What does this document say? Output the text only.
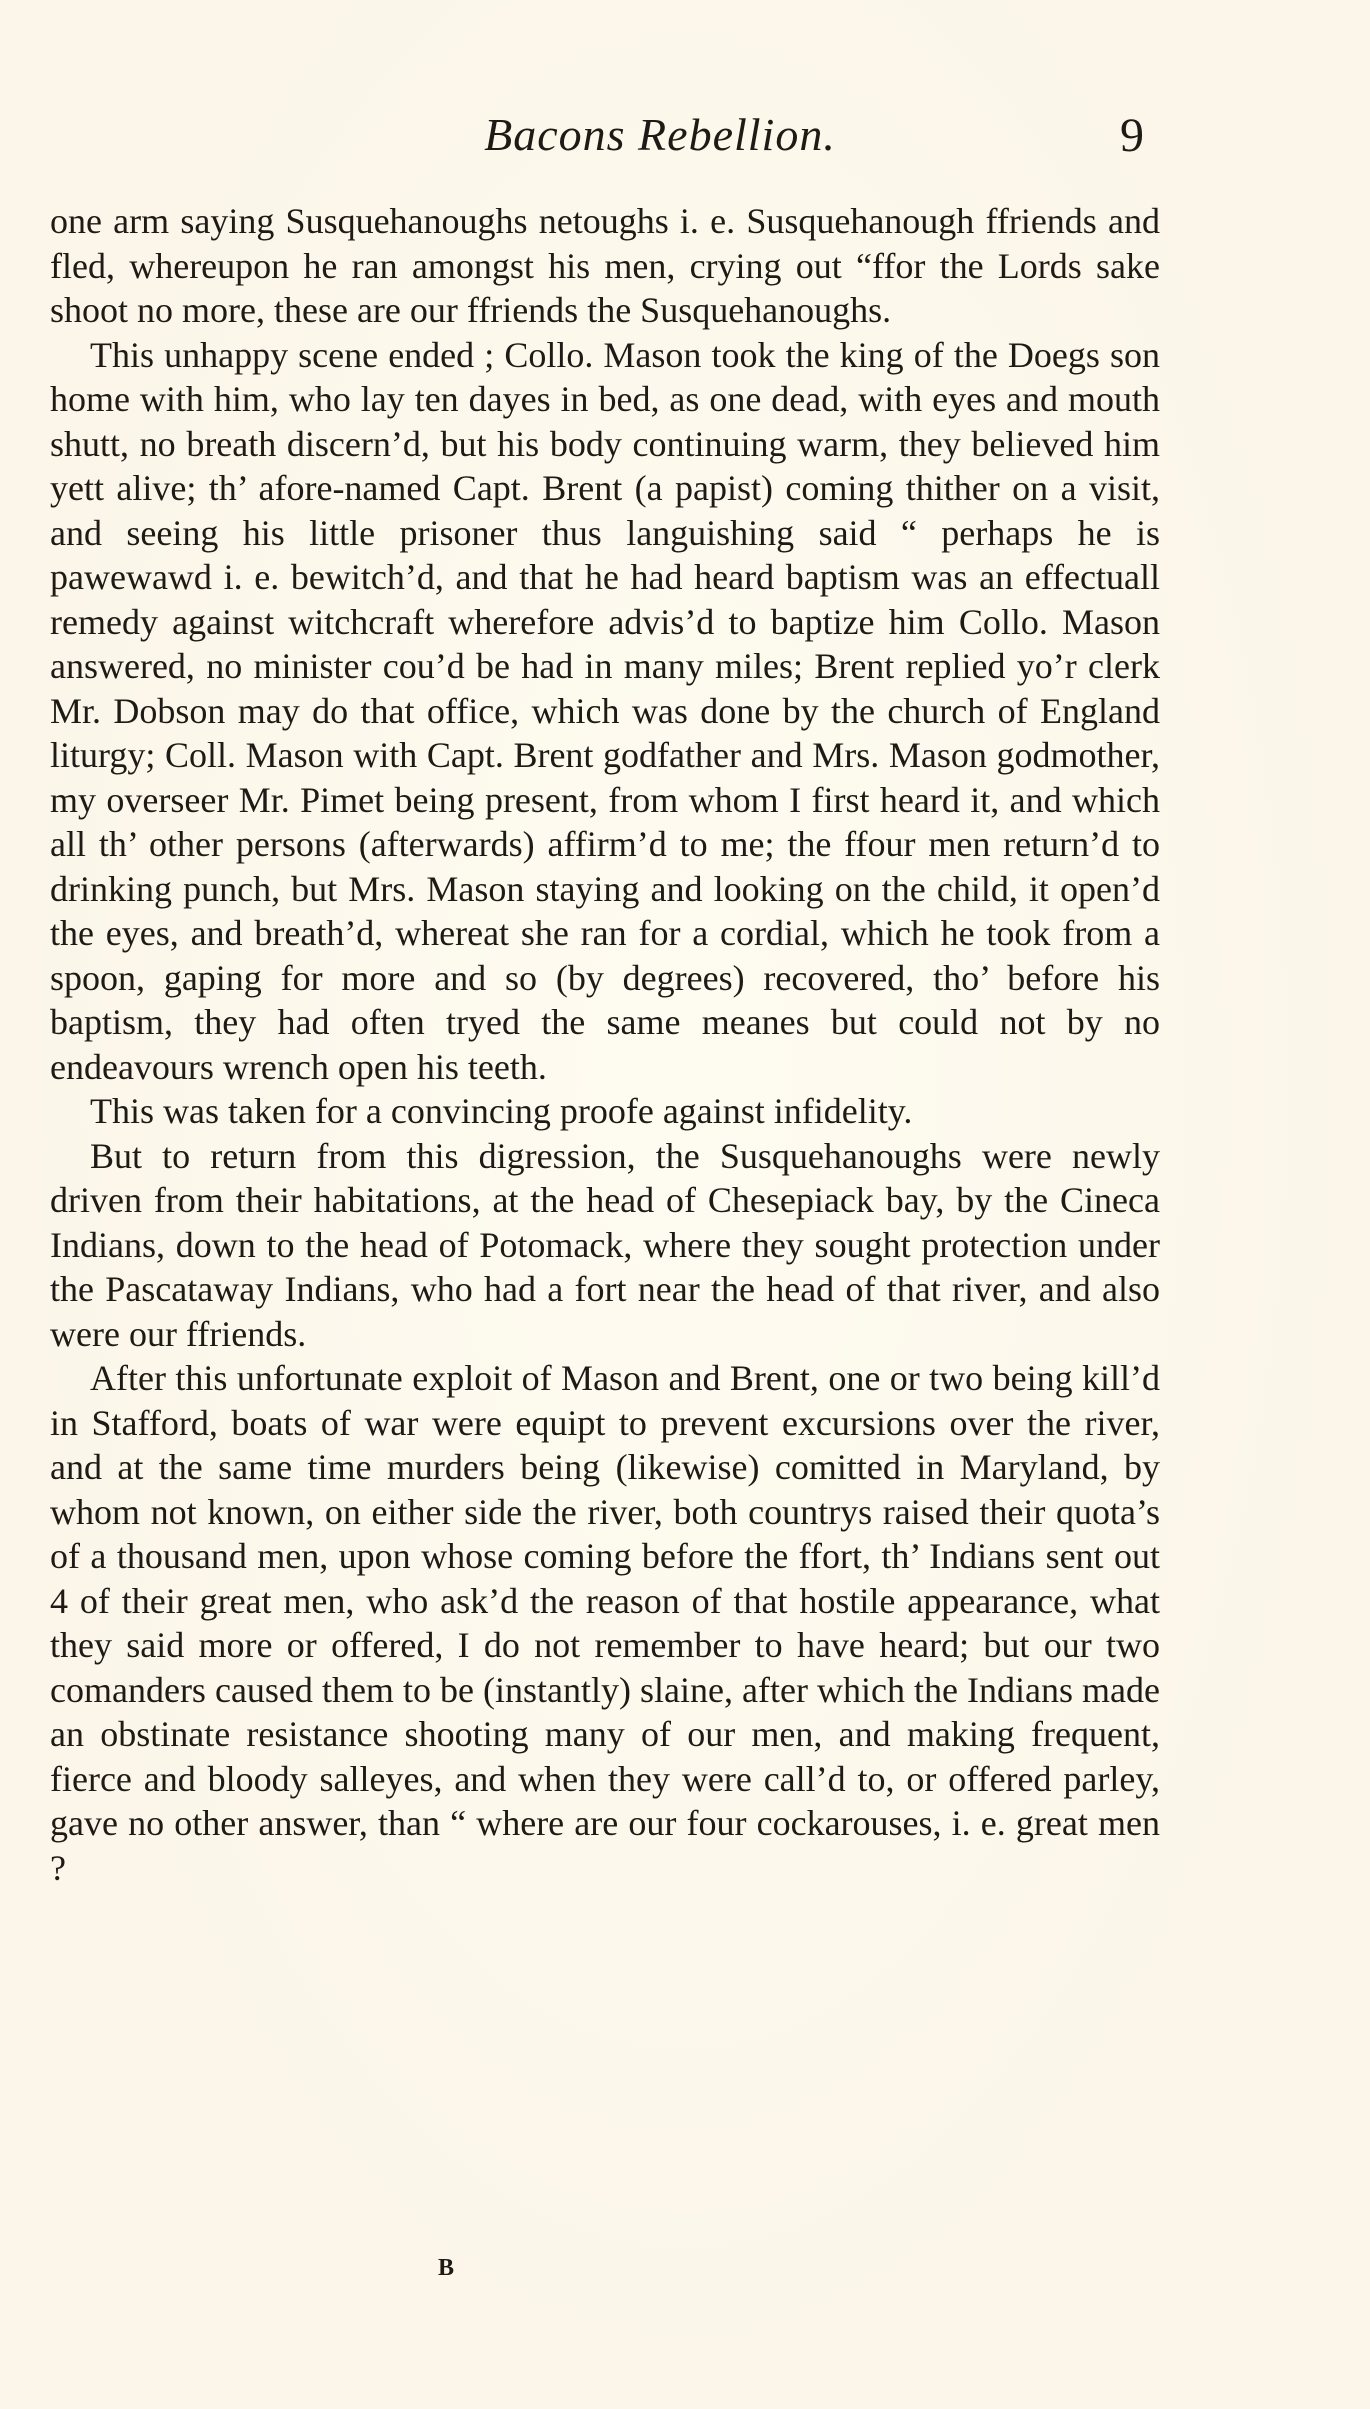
Bacons Rebellion.	9

one arm saying Susquehanoughs netoughs i. e. Susquehanough ffriends and fled, whereupon he ran amongst his men, crying out “ffor the Lords sake shoot no more, these are our ffriends the Susquehanoughs.

This unhappy scene ended ; Collo. Mason took the king of the Doegs son home with him, who lay ten dayes in bed, as one dead, with eyes and mouth shutt, no breath discern’d, but his body continuing warm, they believed him yett alive; th’ afore-named Capt. Brent (a papist) coming thither on a visit, and seeing his little prisoner thus languishing said “ perhaps he is pawewawd i. e. bewitch’d, and that he had heard baptism was an effectuall remedy against witchcraft wherefore advis’d to baptize him Collo. Mason answered, no minister cou’d be had in many miles; Brent replied yo’r clerk Mr. Dobson may do that office, which was done by the church of England liturgy; Coll. Mason with Capt. Brent godfather and Mrs. Mason godmother, my overseer Mr. Pimet being present, from whom I first heard it, and which all th’ other persons (afterwards) affirm’d to me; the ffour men return’d to drinking punch, but Mrs. Mason staying and looking on the child, it open’d the eyes, and breath’d, whereat she ran for a cordial, which he took from a spoon, gaping for more and so (by degrees) recovered, tho’ before his baptism, they had often tryed the same meanes but could not by no endeavours wrench open his teeth.

This was taken for a convincing proofe against infidelity.

But to return from this digression, the Susquehanoughs were newly driven from their habitations, at the head of Chesepiack bay, by the Cineca Indians, down to the head of Potomack, where they sought protection under the Pascataway Indians, who had a fort near the head of that river, and also were our ffriends.

After this unfortunate exploit of Mason and Brent, one or two being kill’d in Stafford, boats of war were equipt to prevent excursions over the river, and at the same time murders being (likewise) comitted in Maryland, by whom not known, on either side the river, both countrys raised their quota’s of a thousand men, upon whose coming before the ffort, th’ Indians sent out 4 of their great men, who ask’d the reason of that hostile appearance, what they said more or offered, I do not remember to have heard; but our two comanders caused them to be (instantly) slaine, after which the Indians made an obstinate resistance shooting many of our men, and making frequent, fierce and bloody salleyes, and when they were call’d to, or offered parley, gave no other answer, than “ where are our four cockarouses, i. e. great men ?

B
